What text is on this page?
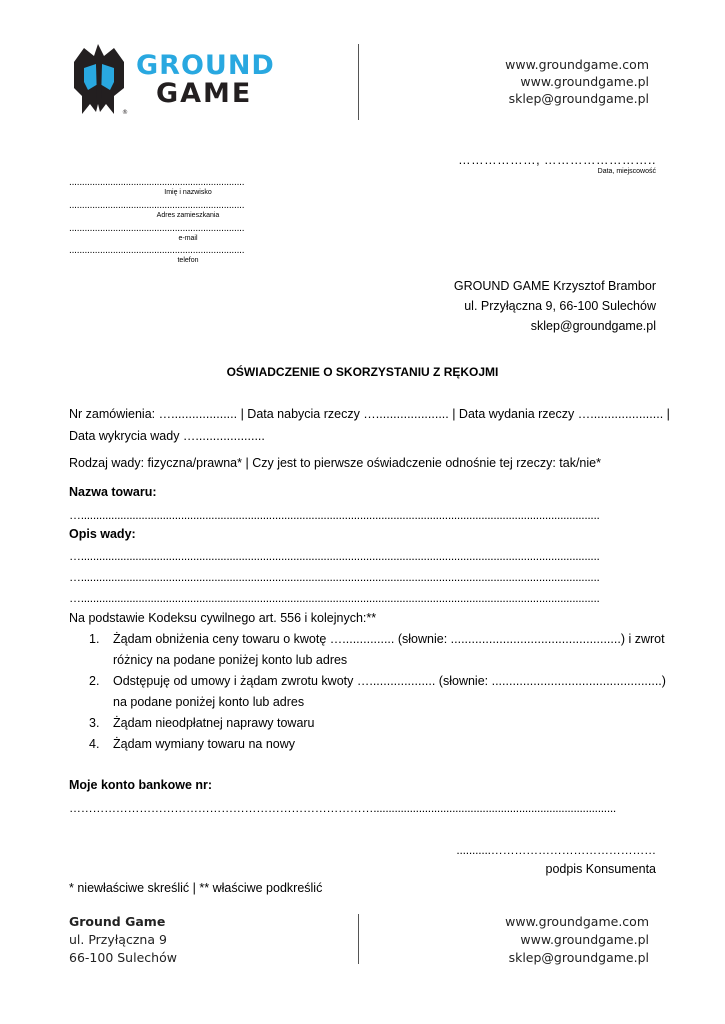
®
GROUND
GAME
www.groundgame.com
www.groundgame.pl
sklep@groundgame.pl
………………, ……………………..
Data, miejscowość
....................................................................
Imię i nazwisko
....................................................................
Adres zamieszkania
....................................................................
e-mail
....................................................................
telefon
GROUND GAME Krzysztof Brambor
ul. Przyłączna 9, 66-100 Sulechów
sklep@groundgame.pl
OŚWIADCZENIE O SKORZYSTANIU Z RĘKOJMI
Nr zamówienia: …................... | Data nabycia rzeczy …..................... | Data wydania rzeczy …..................... |
Data wykrycia wady …....................
Rodzaj wady: fizyczna/prawna* | Czy jest to pierwsze oświadczenie odnośnie tej rzeczy: tak/nie*
Nazwa towaru:
…...........................................................................................................................................................................
Opis wady:
…...........................................................................................................................................................................
…...........................................................................................................................................................................
…...........................................................................................................................................................................
Na podstawie Kodeksu cywilnego art. 556 i kolejnych:**
1. Żądam obniżenia ceny towaru o kwotę …............... (słownie: .................................................) i zwrot
różnicy na podane poniżej konto lub adres
2. Odstępuję od umowy i żądam zwrotu kwoty …................... (słownie: .................................................)
na podane poniżej konto lub adres
3. Żądam nieodpłatnej naprawy towaru
4. Żądam wymiany towaru na nowy
Moje konto bankowe nr:
……………………………………………………………………................................................................................
...........……………………………………
podpis Konsumenta
* niewłaściwe skreślić | ** właściwe podkreślić
Ground Game
ul. Przyłączna 9
66-100 Sulechów
www.groundgame.com
www.groundgame.pl
sklep@groundgame.pl
